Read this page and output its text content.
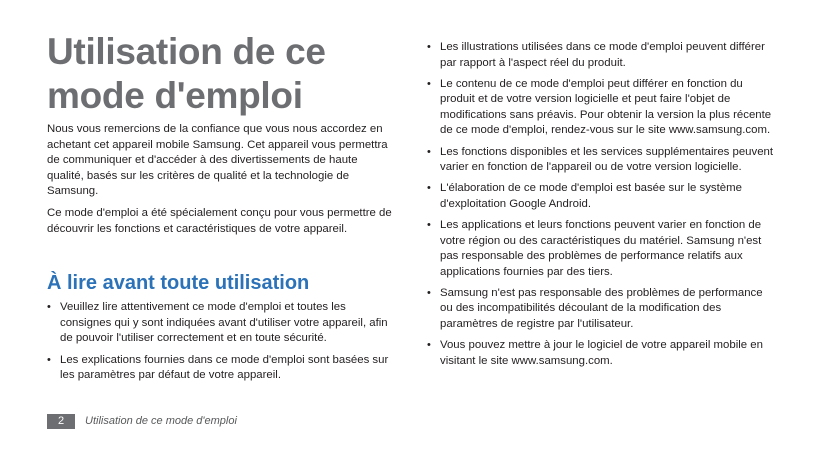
Utilisation de ce mode d'emploi

Nous vous remercions de la confiance que vous nous accordez en achetant cet appareil mobile Samsung. Cet appareil vous permettra de communiquer et d'accéder à des divertissements de haute qualité, basés sur les critères de qualité et la technologie de Samsung.

Ce mode d'emploi a été spécialement conçu pour vous permettre de découvrir les fonctions et caractéristiques de votre appareil.

À lire avant toute utilisation
• Veuillez lire attentivement ce mode d'emploi et toutes les consignes qui y sont indiquées avant d'utiliser votre appareil, afin de pouvoir l'utiliser correctement et en toute sécurité.
• Les explications fournies dans ce mode d'emploi sont basées sur les paramètres par défaut de votre appareil.
• Les illustrations utilisées dans ce mode d'emploi peuvent différer par rapport à l'aspect réel du produit.
• Le contenu de ce mode d'emploi peut différer en fonction du produit et de votre version logicielle et peut faire l'objet de modifications sans préavis. Pour obtenir la version la plus récente de ce mode d'emploi, rendez-vous sur le site www.samsung.com.
• Les fonctions disponibles et les services supplémentaires peuvent varier en fonction de l'appareil ou de votre version logicielle.
• L'élaboration de ce mode d'emploi est basée sur le système d'exploitation Google Android.
• Les applications et leurs fonctions peuvent varier en fonction de votre région ou des caractéristiques du matériel. Samsung n'est pas responsable des problèmes de performance relatifs aux applications fournies par des tiers.
• Samsung n'est pas responsable des problèmes de performance ou des incompatibilités découlant de la modification des paramètres de registre par l'utilisateur.
• Vous pouvez mettre à jour le logiciel de votre appareil mobile en visitant le site www.samsung.com.
2	Utilisation de ce mode d'emploi
